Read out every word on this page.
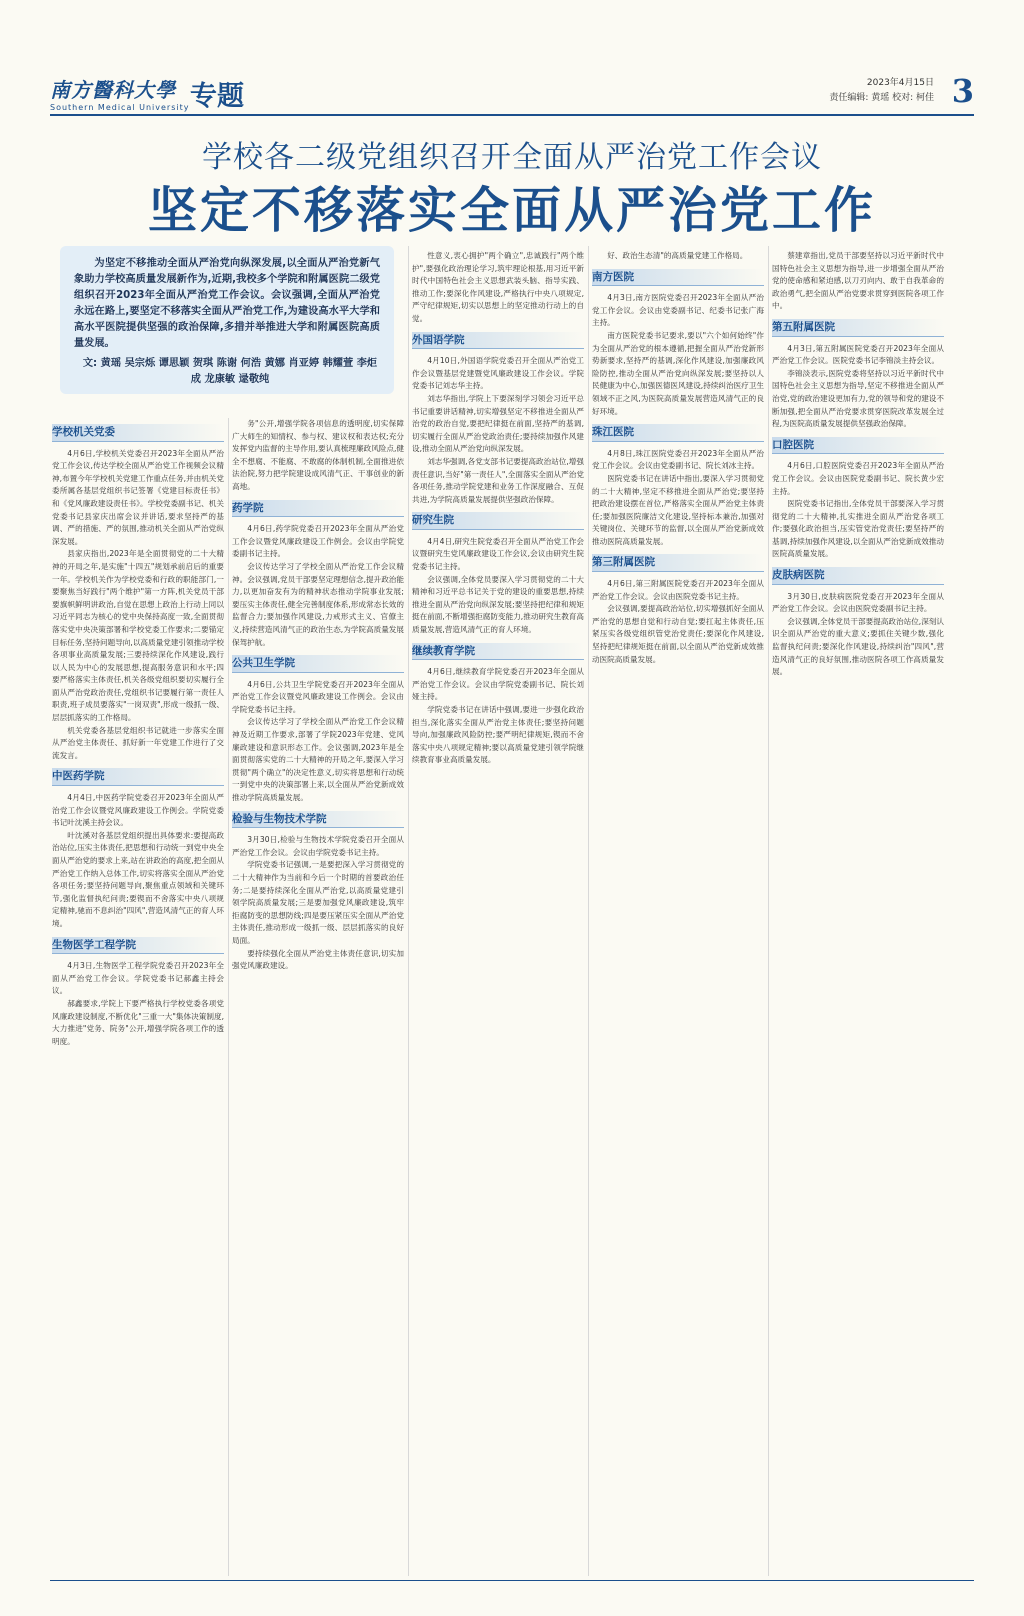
南方醫科大學
Southern Medical University 专题	2023年4月15日
责任编辑: 黄瑶 校对: 柯佳 3
学校各二级党组织召开全面从严治党工作会议
坚定不移落实全面从严治党工作

为坚定不移推动全面从严治党向纵深发展,以全面从严治党新气象助力学校高质量发展新作为,近期,我校多个学院和附属医院二级党组织召开2023年全面从严治党工作会议。会议强调,全面从严治党永远在路上,要坚定不移落实全面从严治党工作,为建设高水平大学和高水平医院提供坚强的政治保障,多措并举推进大学和附属医院高质量发展。

文: 黄瑶 吴宗烁 谭思颖 贺琪 陈谢 何浩 黄娜 肖亚婷 韩耀萱 李炬成 龙康敏 逯敬纯
学校机关党委

4月6日,学校机关党委召开2023年全面从严治党工作会议,传达学校全面从严治党工作视频会议精神,布置今年学校机关党建工作重点任务,并由机关党委所属各基层党组织书记签署《党建目标责任书》和《党风廉政建设责任书》。学校党委副书记、机关党委书记县家庆出席会议并讲话,要求坚持严的基调、严的措施、严的氛围,推动机关全面从严治党纵深发展。

县家庆指出,2023年是全面贯彻党的二十大精神的开局之年,是实施"十四五"规划承前启后的重要一年。学校机关作为学校党委和行政的职能部门,一要聚焦当好践行"两个维护"第一方阵,机关党员干部要旗帜鲜明讲政治,自觉在思想上政治上行动上同以习近平同志为核心的党中央保持高度一致,全面贯彻落实党中央决策部署和学校党委工作要求;二要锚定目标任务,坚持问题导向,以高质量党建引领推动学校各项事业高质量发展;三要持续深化作风建设,践行以人民为中心的发展思想,提高服务意识和水平;四要严格落实主体责任,机关各级党组织要切实履行全面从严治党政治责任,党组织书记要履行第一责任人职责,班子成员要落实"一岗双责",形成一级抓一级、层层抓落实的工作格局。

机关党委各基层党组织书记就进一步落实全面从严治党主体责任、抓好新一年党建工作进行了交流发言。

中医药学院

4月4日,中医药学院党委召开2023年全面从严治党工作会议暨党风廉政建设工作例会。学院党委书记叶沈溪主持会议。

叶沈溪对各基层党组织提出具体要求:要提高政治站位,压实主体责任,把思想和行动统一到党中央全面从严治党的要求上来,站在讲政治的高度,把全面从严治党工作纳入总体工作,切实将落实全面从严治党各项任务;要坚持问题导向,聚焦重点领域和关键环节,强化监督执纪问责;要锲而不舍落实中央八项规定精神,驰而不息纠治"四风",营造风清气正的育人环境。

生物医学工程学院

4月3日,生物医学工程学院党委召开2023年全面从严治党工作会议。学院党委书记郝鑫主持会议。

郝鑫要求,学院上下要严格执行学校党委各项党风廉政建设制度,不断优化"三重一大"集体决策制度,大力推进"党务、院务"公开,增强学院各项工作的透明度。

务"公开,增强学院各项信息的透明度,切实保障广大师生的知情权、参与权、建议权和表达权;充分发挥党内监督的主导作用,要认真梳理廉政风险点,健全不想腐、不能腐、不敢腐的体制机制,全面推进依法治院,努力把学院建设成风清气正、干事创业的新高地。

药学院

4月6日,药学院党委召开2023年全面从严治党工作会议暨党风廉政建设工作例会。会议由学院党委副书记主持。

会议传达学习了学校全面从严治党工作会议精神。会议强调,党员干部要坚定理想信念,提升政治能力,以更加奋发有为的精神状态推动学院事业发展;要压实主体责任,健全完善制度体系,形成常态长效的监督合力;要加强作风建设,力戒形式主义、官僚主义,持续营造风清气正的政治生态,为学院高质量发展保驾护航。

公共卫生学院

4月6日,公共卫生学院党委召开2023年全面从严治党工作会议暨党风廉政建设工作例会。会议由学院党委书记主持。

会议传达学习了学校全面从严治党工作会议精神及近期工作要求,部署了学院2023年党建、党风廉政建设和意识形态工作。会议强调,2023年是全面贯彻落实党的二十大精神的开局之年,要深入学习贯彻"两个确立"的决定性意义,切实将思想和行动统一到党中央的决策部署上来,以全面从严治党新成效推动学院高质量发展。

检验与生物技术学院

3月30日,检验与生物技术学院党委召开全面从严治党工作会议。会议由学院党委书记主持。

学院党委书记强调,一是要把深入学习贯彻党的二十大精神作为当前和今后一个时期的首要政治任务;二是要持续深化全面从严治党,以高质量党建引领学院高质量发展;三是要加强党风廉政建设,筑牢拒腐防变的思想防线;四是要压紧压实全面从严治党主体责任,推动形成一级抓一级、层层抓落实的良好局面。

要持续强化全面从严治党主体责任意识,切实加强党风廉政建设。

性意义,衷心拥护"两个确立",忠诚践行"两个维护",要强化政治理论学习,筑牢理论根基,用习近平新时代中国特色社会主义思想武装头脑、指导实践、推动工作;要深化作风建设,严格执行中央八项规定,严守纪律规矩,切实以思想上的坚定推动行动上的自觉。

外国语学院

4月10日,外国语学院党委召开全面从严治党工作会议暨基层党建暨党风廉政建设工作会议。学院党委书记刘志华主持。

刘志华指出,学院上下要深刻学习领会习近平总书记重要讲话精神,切实增强坚定不移推进全面从严治党的政治自觉,要把纪律挺在前面,坚持严的基调,切实履行全面从严治党政治责任;要持续加强作风建设,推动全面从严治党向纵深发展。

刘志华强调,各党支部书记要提高政治站位,增强责任意识,当好"第一责任人",全面落实全面从严治党各项任务,推动学院党建和业务工作深度融合、互促共进,为学院高质量发展提供坚强政治保障。

研究生院

4月4日,研究生院党委召开全面从严治党工作会议暨研究生党风廉政建设工作会议,会议由研究生院党委书记主持。

会议强调,全体党员要深入学习贯彻党的二十大精神和习近平总书记关于党的建设的重要思想,持续推进全面从严治党向纵深发展;要坚持把纪律和规矩挺在前面,不断增强拒腐防变能力,推动研究生教育高质量发展,营造风清气正的育人环境。

继续教育学院

4月6日,继续教育学院党委召开2023年全面从严治党工作会议。会议由学院党委副书记、院长刘娅主持。

学院党委书记在讲话中强调,要进一步强化政治担当,深化落实全面从严治党主体责任;要坚持问题导向,加强廉政风险防控;要严明纪律规矩,锲而不舍落实中央八项规定精神;要以高质量党建引领学院继续教育事业高质量发展。

好、政治生态清"的高质量党建工作格局。

南方医院

4月3日,南方医院党委召开2023年全面从严治党工作会议。会议由党委副书记、纪委书记张广海主持。

南方医院党委书记要求,要以"六个如何始终"作为全面从严治党的根本遵循,把握全面从严治党新形势新要求,坚持严的基调,深化作风建设,加强廉政风险防控,推动全面从严治党向纵深发展;要坚持以人民健康为中心,加强医德医风建设,持续纠治医疗卫生领域不正之风,为医院高质量发展营造风清气正的良好环境。

珠江医院

4月8日,珠江医院党委召开2023年全面从严治党工作会议。会议由党委副书记、院长刘冰主持。

医院党委书记在讲话中指出,要深入学习贯彻党的二十大精神,坚定不移推进全面从严治党;要坚持把政治建设摆在首位,严格落实全面从严治党主体责任;要加强医院廉洁文化建设,坚持标本兼治,加强对关键岗位、关键环节的监督,以全面从严治党新成效推动医院高质量发展。

第三附属医院

4月6日,第三附属医院党委召开2023年全面从严治党工作会议。会议由医院党委书记主持。

会议强调,要提高政治站位,切实增强抓好全面从严治党的思想自觉和行动自觉;要扛起主体责任,压紧压实各级党组织管党治党责任;要深化作风建设,坚持把纪律规矩挺在前面,以全面从严治党新成效推动医院高质量发展。

蔡建章指出,党员干部要坚持以习近平新时代中国特色社会主义思想为指导,进一步增强全面从严治党的使命感和紧迫感,以刀刃向内、敢于自我革命的政治勇气,把全面从严治党要求贯穿到医院各项工作中。

第五附属医院

4月3日,第五附属医院党委召开2023年全面从严治党工作会议。医院党委书记李锦淡主持会议。

李锦淡表示,医院党委将坚持以习近平新时代中国特色社会主义思想为指导,坚定不移推进全面从严治党,党的政治建设更加有力,党的领导和党的建设不断加强,把全面从严治党要求贯穿医院改革发展全过程,为医院高质量发展提供坚强政治保障。

口腔医院

4月6日,口腔医院党委召开2023年全面从严治党工作会议。会议由医院党委副书记、院长黄少宏主持。

医院党委书记指出,全体党员干部要深入学习贯彻党的二十大精神,扎实推进全面从严治党各项工作;要强化政治担当,压实管党治党责任;要坚持严的基调,持续加强作风建设,以全面从严治党新成效推动医院高质量发展。

皮肤病医院

3月30日,皮肤病医院党委召开2023年全面从严治党工作会议。会议由医院党委副书记主持。

会议强调,全体党员干部要提高政治站位,深刻认识全面从严治党的重大意义;要抓住关键少数,强化监督执纪问责;要深化作风建设,持续纠治"四风",营造风清气正的良好氛围,推动医院各项工作高质量发展。
